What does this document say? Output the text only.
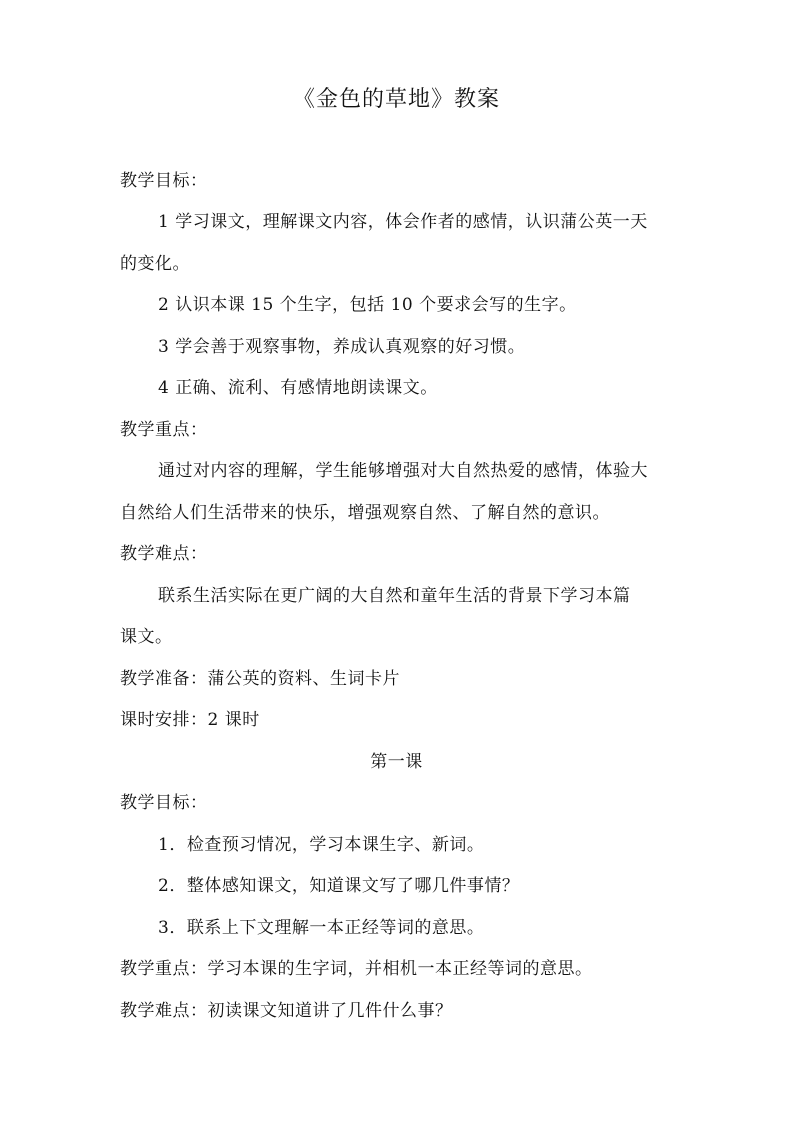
《金色的草地》教案
教学目标：
1 学习课文，理解课文内容，体会作者的感情，认识蒲公英一天
的变化。
2 认识本课 15 个生字，包括 10 个要求会写的生字。
3 学会善于观察事物，养成认真观察的好习惯。
4 正确、流利、有感情地朗读课文。
教学重点：
通过对内容的理解，学生能够增强对大自然热爱的感情，体验大
自然给人们生活带来的快乐，增强观察自然、了解自然的意识。
教学难点：
联系生活实际在更广阔的大自然和童年生活的背景下学习本篇
课文。
教学准备：蒲公英的资料、生词卡片
课时安排：2 课时
第一课
教学目标：
1．检查预习情况，学习本课生字、新词。
2．整体感知课文，知道课文写了哪几件事情？
3．联系上下文理解一本正经等词的意思。
教学重点：学习本课的生字词，并相机一本正经等词的意思。
教学难点：初读课文知道讲了几件什么事？
